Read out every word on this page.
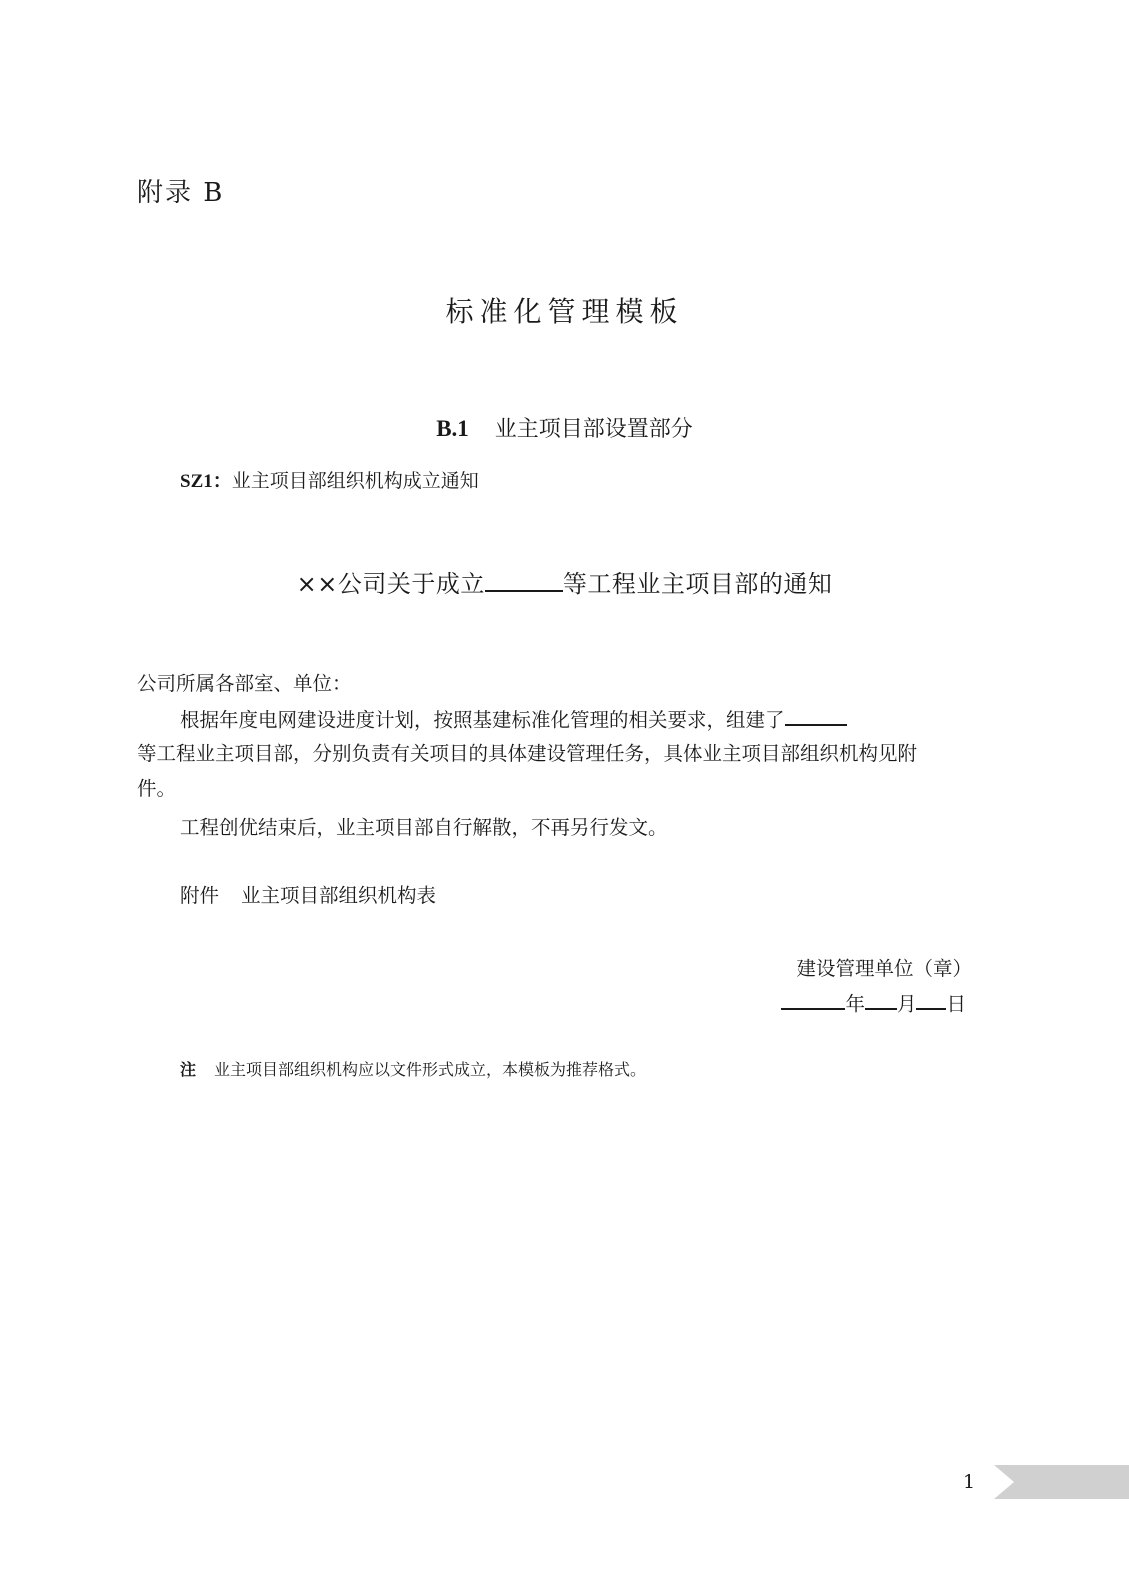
附录 B
标准化管理模板
B.1 业主项目部设置部分
SZ1：业主项目部组织机构成立通知
××公司关于成立	等工程业主项目部的通知
公司所属各部室、单位：
根据年度电网建设进度计划，按照基建标准化管理的相关要求，组建了
等工程业主项目部，分别负责有关项目的具体建设管理任务，具体业主项目部组织机构见附
件。
工程创优结束后，业主项目部自行解散，不再另行发文。
附件 业主项目部组织机构表
建设管理单位（章）
年 月 日
注 业主项目部组织机构应以文件形式成立，本模板为推荐格式。
1
